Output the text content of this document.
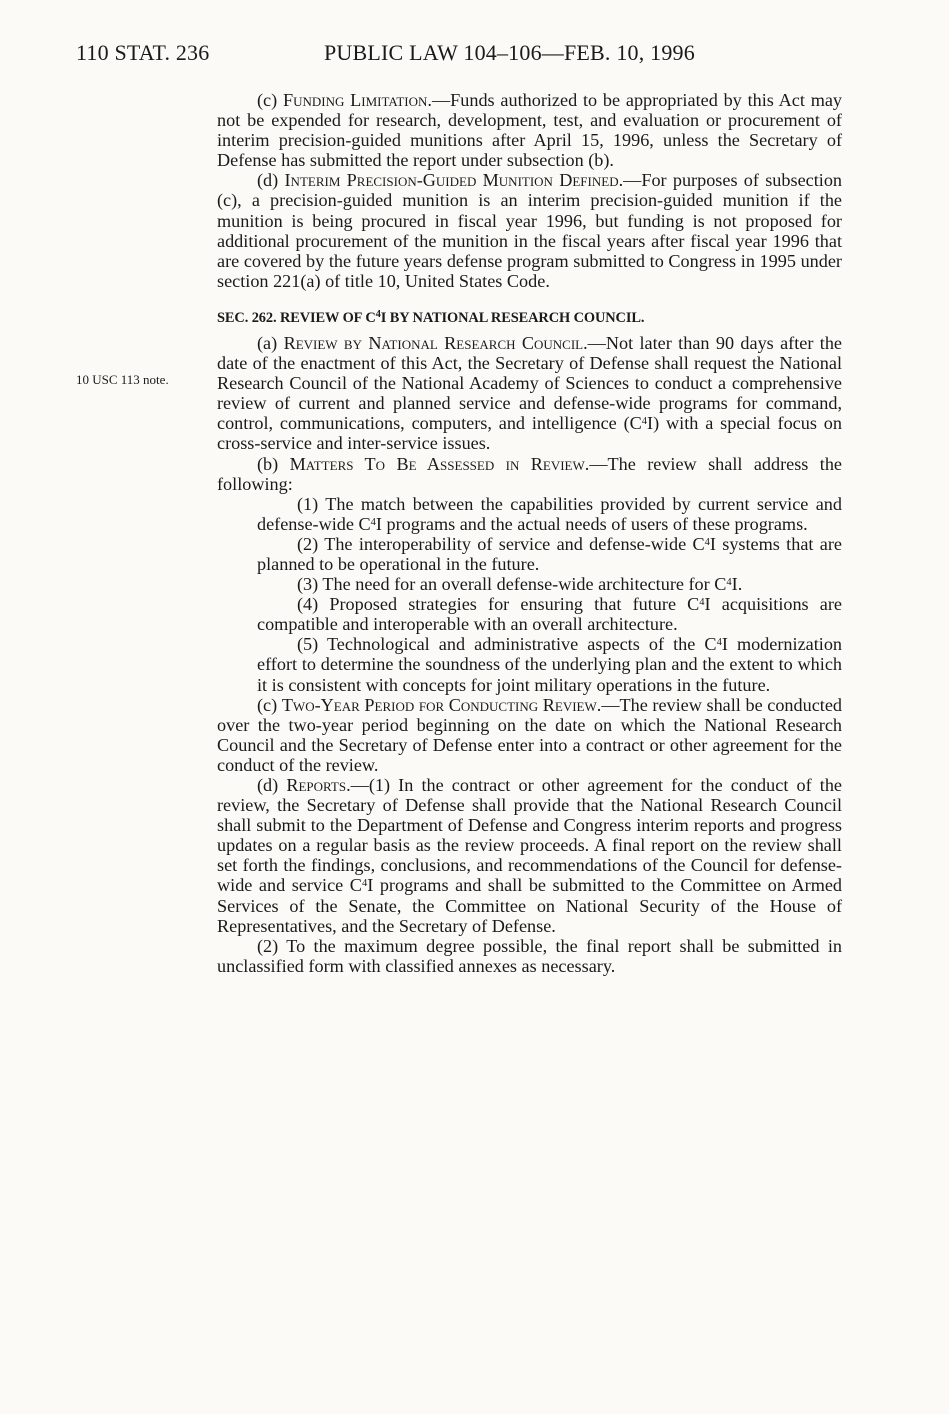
110 STAT. 236	PUBLIC LAW 104–106—FEB. 10, 1996
10 USC 113 note.

(c) Funding Limitation.—Funds authorized to be appropriated by this Act may not be expended for research, development, test, and evaluation or procurement of interim precision-guided munitions after April 15, 1996, unless the Secretary of Defense has submitted the report under subsection (b).

(d) Interim Precision-Guided Munition Defined.—For purposes of subsection (c), a precision-guided munition is an interim precision-guided munition if the munition is being procured in fiscal year 1996, but funding is not proposed for additional procurement of the munition in the fiscal years after fiscal year 1996 that are covered by the future years defense program submitted to Congress in 1995 under section 221(a) of title 10, United States Code.

SEC. 262. REVIEW OF $C^4I$ BY NATIONAL RESEARCH COUNCIL.

(a) Review by National Research Council.—Not later than 90 days after the date of the enactment of this Act, the Secretary of Defense shall request the National Research Council of the National Academy of Sciences to conduct a comprehensive review of current and planned service and defense-wide programs for command, control, communications, computers, and intelligence $(C^4I)$ with a special focus on cross-service and inter-service issues.

(b) Matters To Be Assessed in Review.—The review shall address the following:

(1) The match between the capabilities provided by current service and defense-wide $C^4I$ programs and the actual needs of users of these programs.

(2) The interoperability of service and defense-wide $C^4I$ systems that are planned to be operational in the future.

(3) The need for an overall defense-wide architecture for $C^4I$.

(4) Proposed strategies for ensuring that future $C^4I$ acquisitions are compatible and interoperable with an overall architecture.

(5) Technological and administrative aspects of the $C^4I$ modernization effort to determine the soundness of the underlying plan and the extent to which it is consistent with concepts for joint military operations in the future.

(c) Two-Year Period for Conducting Review.—The review shall be conducted over the two-year period beginning on the date on which the National Research Council and the Secretary of Defense enter into a contract or other agreement for the conduct of the review.

(d) Reports.—(1) In the contract or other agreement for the conduct of the review, the Secretary of Defense shall provide that the National Research Council shall submit to the Department of Defense and Congress interim reports and progress updates on a regular basis as the review proceeds. A final report on the review shall set forth the findings, conclusions, and recommendations of the Council for defense-wide and service $C^4I$ programs and shall be submitted to the Committee on Armed Services of the Senate, the Committee on National Security of the House of Representatives, and the Secretary of Defense.

(2) To the maximum degree possible, the final report shall be submitted in unclassified form with classified annexes as necessary.
